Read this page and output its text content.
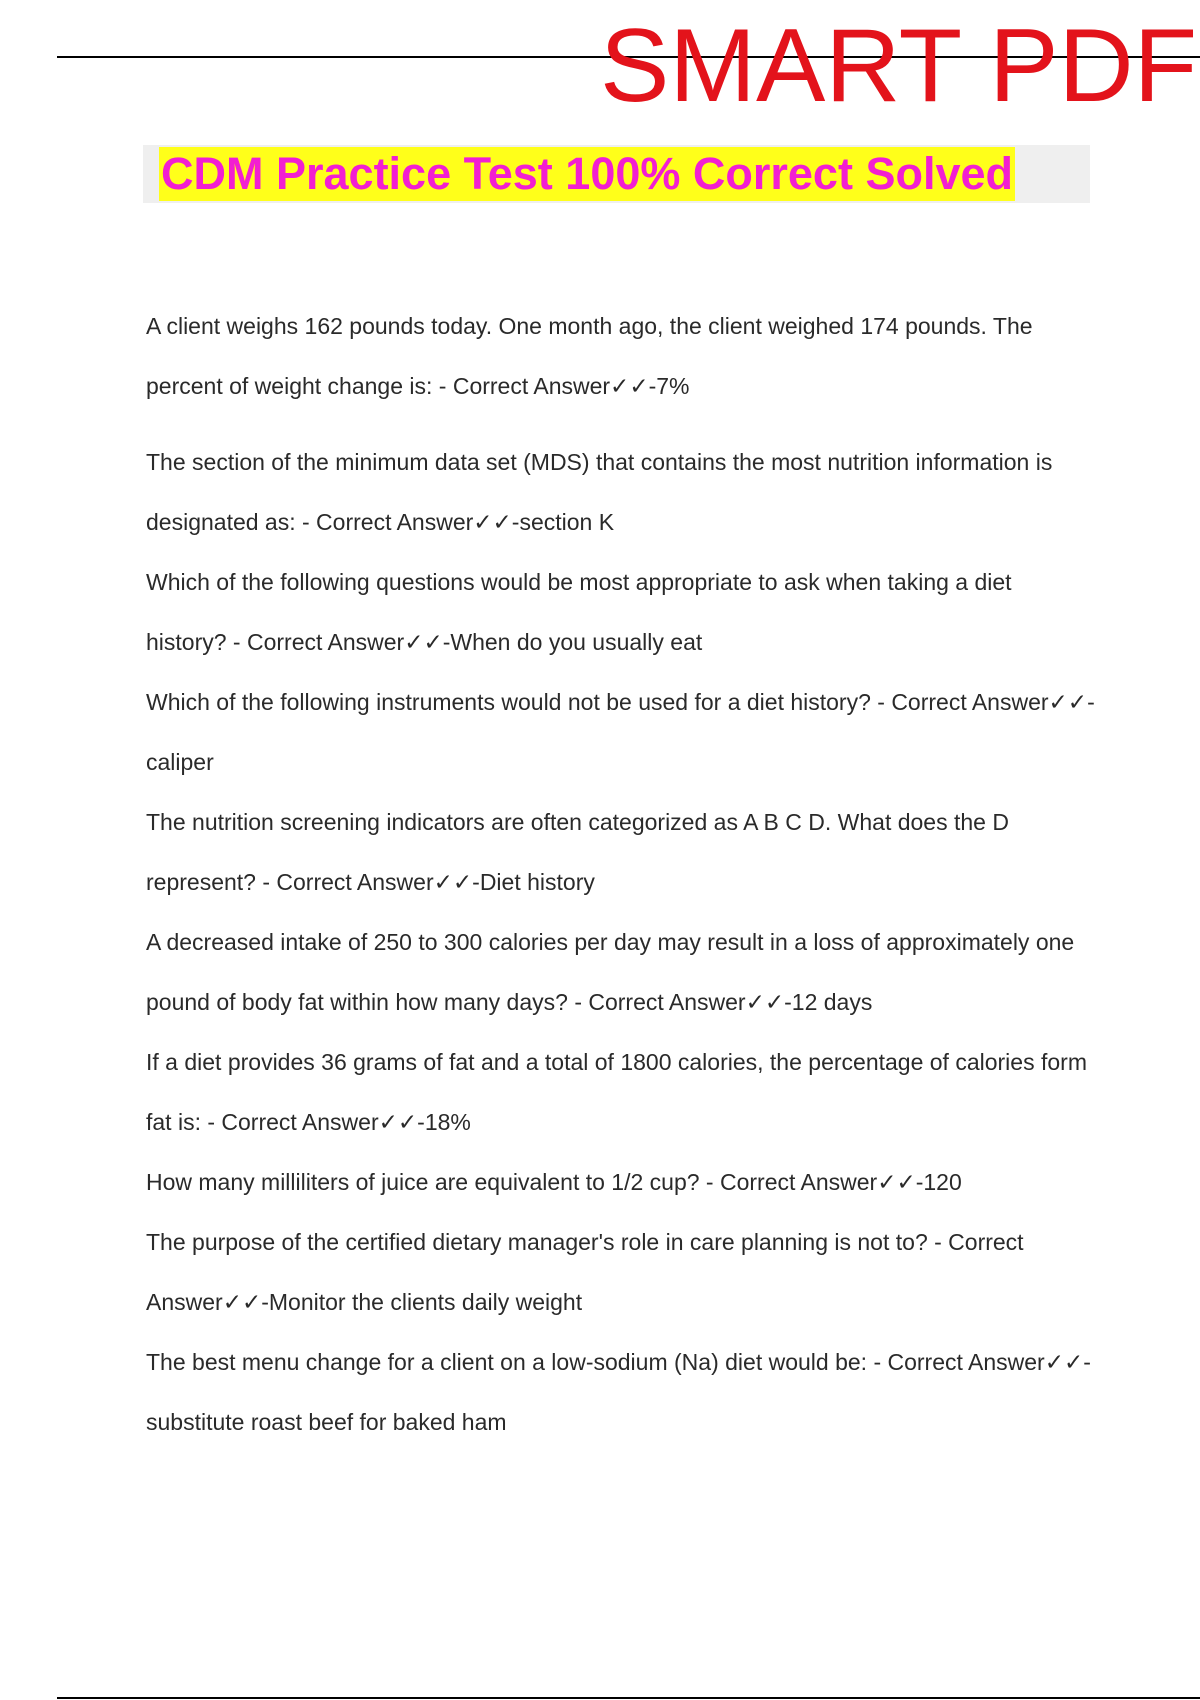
SMART PDF
CDM Practice Test 100% Correct Solved

A client weighs 162 pounds today. One month ago, the client weighed 174 pounds. The percent of weight change is: - Correct Answer✓✓-7%

The section of the minimum data set (MDS) that contains the most nutrition information is designated as: - Correct Answer✓✓-section K

Which of the following questions would be most appropriate to ask when taking a diet history? - Correct Answer✓✓-When do you usually eat

Which of the following instruments would not be used for a diet history? - Correct Answer✓✓-caliper

The nutrition screening indicators are often categorized as A B C D. What does the D represent? - Correct Answer✓✓-Diet history

A decreased intake of 250 to 300 calories per day may result in a loss of approximately one pound of body fat within how many days? - Correct Answer✓✓-12 days

If a diet provides 36 grams of fat and a total of 1800 calories, the percentage of calories form fat is: - Correct Answer✓✓-18%

How many milliliters of juice are equivalent to 1/2 cup? - Correct Answer✓✓-120

The purpose of the certified dietary manager's role in care planning is not to? - Correct Answer✓✓-Monitor the clients daily weight

The best menu change for a client on a low-sodium (Na) diet would be: - Correct Answer✓✓-substitute roast beef for baked ham
